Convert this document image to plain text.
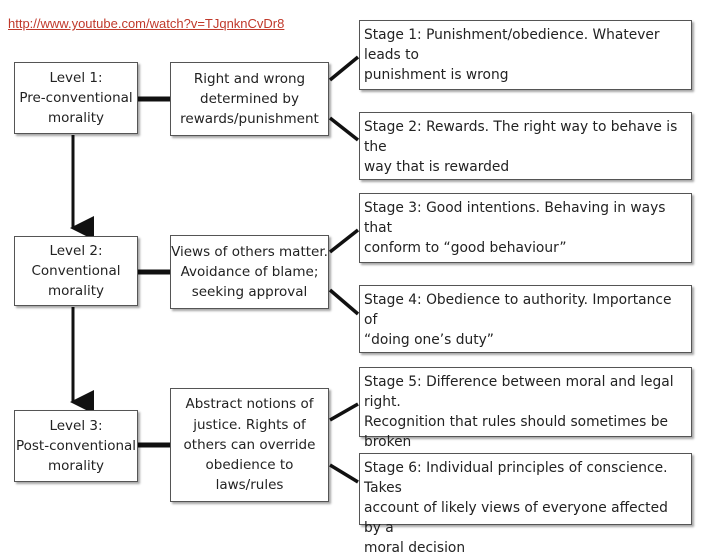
http://www.youtube.com/watch?v=TJqnknCvDr8
Level 1:
Pre-conventional
morality
Level 2:
Conventional
morality
Level 3:
Post-conventional
morality
Right and wrong
determined by
rewards/punishment
Views of others matter.
Avoidance of blame;
seeking approval
Abstract notions of
justice. Rights of
others can override
obedience to
laws/rules
Stage 1: Punishment/obedience. Whatever leads to
punishment is wrong
Stage 2: Rewards. The right way to behave is the
way that is rewarded
Stage 3: Good intentions. Behaving in ways that
conform to “good behaviour”
Stage 4: Obedience to authority. Importance of
“doing one’s duty”
Stage 5: Difference between moral and legal right.
Recognition that rules should sometimes be broken
Stage 6: Individual principles of conscience. Takes
account of likely views of everyone affected by a
moral decision
